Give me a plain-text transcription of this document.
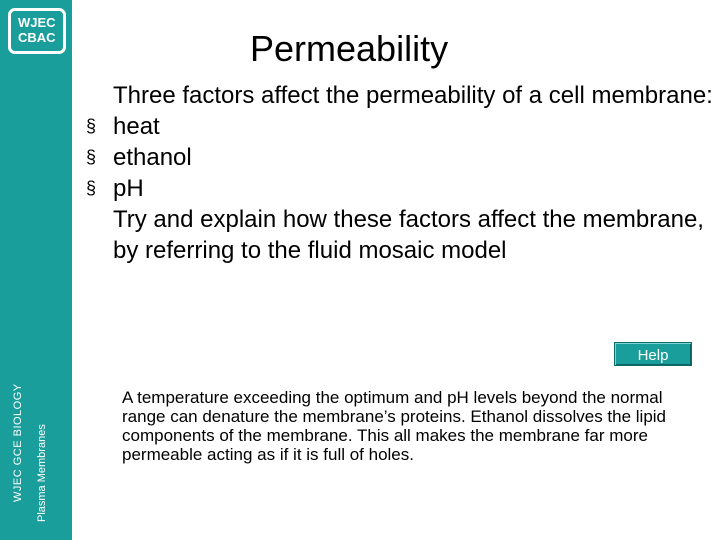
WJEC
CBAC
WJEC GCE BIOLOGY Plasma Membranes
Permeability

Three factors affect the permeability of a cell membrane:

§ heat
§ ethanol
§ pH

Try and explain how these factors affect the membrane, by referring to the fluid mosaic model

Help
A temperature exceeding the optimum and pH levels beyond the normal range can denature the membrane’s proteins. Ethanol dissolves the lipid components of the membrane. This all makes the membrane far more permeable acting as if it is full of holes.
